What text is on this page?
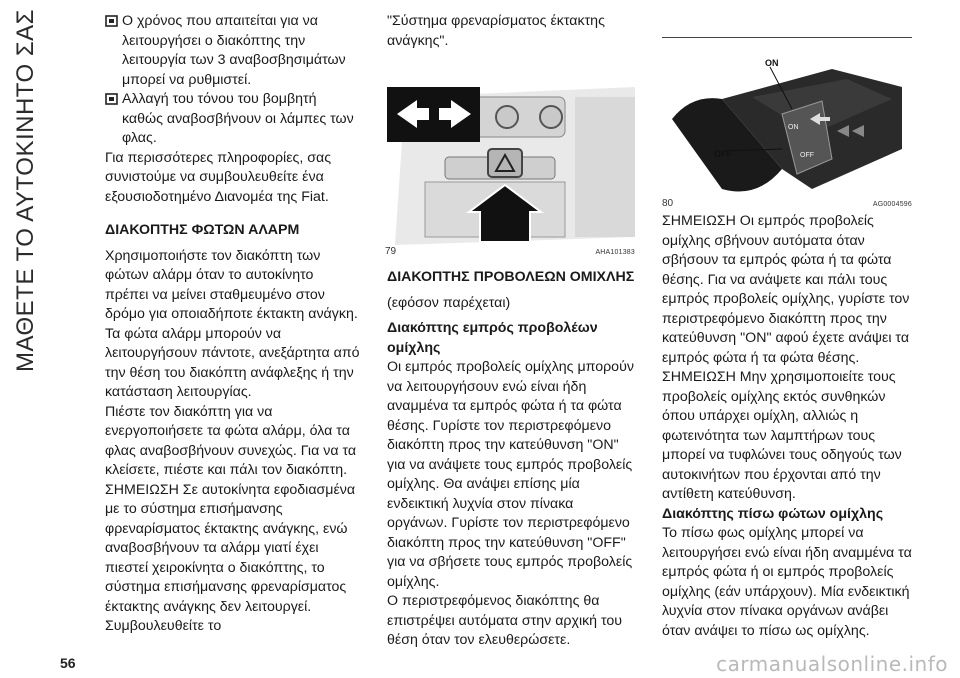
ΜΑΘΕΤΕ ΤΟ ΑΥΤΟΚΙΝΗΤΟ ΣΑΣ
56

Ο χρόνος που απαιτείται για να λειτουργήσει ο διακόπτης την λειτουργία των 3 αναβοσβησιμάτων μπορεί να ρυθμιστεί.

Αλλαγή του τόνου του βομβητή καθώς αναβοσβήνουν οι λάμπες των φλας.

Για περισσότερες πληροφορίες, σας συνιστούμε να συμβουλευθείτε ένα εξουσιοδοτημένο Διανομέα της Fiat.

ΔΙΑΚΟΠΤΗΣ ΦΩΤΩΝ ΑΛΑΡΜ

Χρησιμοποιήστε τον διακόπτη των φώτων αλάρμ όταν το αυτοκίνητο πρέπει να μείνει σταθμευμένο στον δρόμο για οποιαδήποτε έκτακτη ανάγκη. Τα φώτα αλάρμ μπορούν να λειτουργήσουν πάντοτε, ανεξάρτητα από την θέση του διακόπτη ανάφλεξης ή την κατάσταση λειτουργίας.

Πιέστε τον διακόπτη για να ενεργοποιήσετε τα φώτα αλάρμ, όλα τα φλας αναβοσβήνουν συνεχώς. Για να τα κλείσετε, πιέστε και πάλι τον διακόπτη.

ΣΗΜΕΙΩΣΗ Σε αυτοκίνητα εφοδιασμένα με το σύστημα επισήμανσης φρεναρίσματος έκτακτης ανάγκης, ενώ αναβοσβήνουν τα αλάρμ γιατί έχει πιεστεί χειροκίνητα ο διακόπτης, το σύστημα επισήμανσης φρεναρίσματος έκτακτης ανάγκης δεν λειτουργεί. Συμβουλευθείτε το

"Σύστημα φρεναρίσματος έκτακτης ανάγκης".

79	AHA101383

ΔΙΑΚΟΠΤΗΣ ΠΡΟΒΟΛΕΩΝ ΟΜΙΧΛΗΣ

(εφόσον παρέχεται)

Διακόπτης εμπρός προβολέων ομίχλης

Οι εμπρός προβολείς ομίχλης μπορούν να λειτουργήσουν ενώ είναι ήδη αναμμένα τα εμπρός φώτα ή τα φώτα θέσης. Γυρίστε τον περιστρεφόμενο διακόπτη προς την κατεύθυνση "ON" για να ανάψετε τους εμπρός προβολείς ομίχλης. Θα ανάψει επίσης μία ενδεικτική λυχνία στον πίνακα οργάνων. Γυρίστε τον περιστρεφόμενο διακόπτη προς την κατεύθυνση "OFF" για να σβήσετε τους εμπρός προβολείς ομίχλης.

Ο περιστρεφόμενος διακόπτης θα επιστρέψει αυτόματα στην αρχική του θέση όταν τον ελευθερώσετε.

ON
OFF
ON
OFF
80	AG0004596

ΣΗΜΕΙΩΣΗ Οι εμπρός προβολείς ομίχλης σβήνουν αυτόματα όταν σβήσουν τα εμπρός φώτα ή τα φώτα θέσης. Για να ανάψετε και πάλι τους εμπρός προβολείς ομίχλης, γυρίστε τον περιστρεφόμενο διακόπτη προς την κατεύθυνση "ON" αφού έχετε ανάψει τα εμπρός φώτα ή τα φώτα θέσης.

ΣΗΜΕΙΩΣΗ Μην χρησιμοποιείτε τους προβολείς ομίχλης εκτός συνθηκών όπου υπάρχει ομίχλη, αλλιώς η φωτεινότητα των λαμπτήρων τους μπορεί να τυφλώνει τους οδηγούς των αυτοκινήτων που έρχονται από την αντίθετη κατεύθυνση.

Διακόπτης πίσω φώτων ομίχλης

Το πίσω φως ομίχλης μπορεί να λειτουργήσει ενώ είναι ήδη αναμμένα τα εμπρός φώτα ή οι εμπρός προβολείς ομίχλης (εάν υπάρχουν). Μία ενδεικτική λυχνία στον πίνακα οργάνων ανάβει όταν ανάψει το πίσω ως ομίχλης.

carmanualsonline.info
